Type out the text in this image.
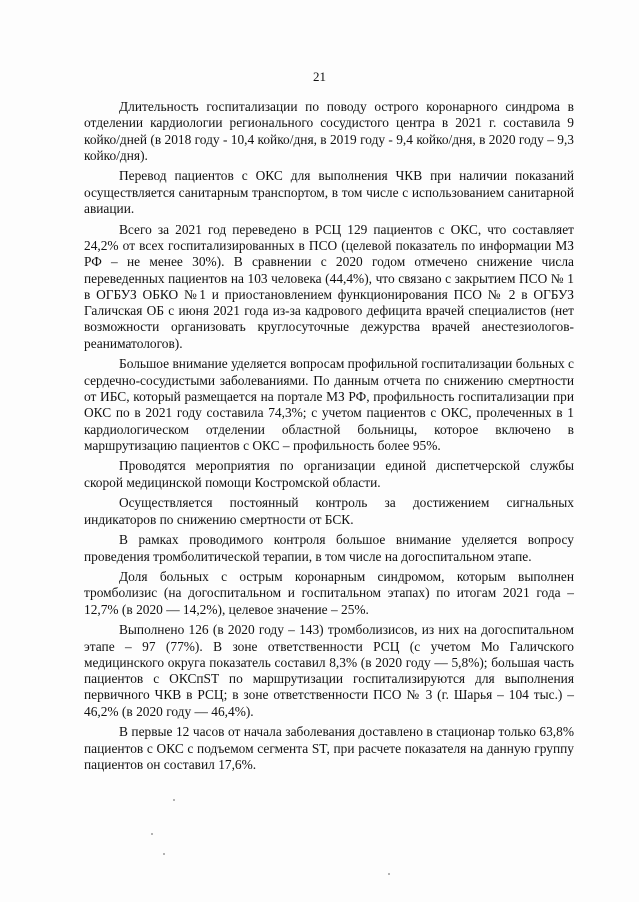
21

Длительность госпитализации по поводу острого коронарного синдрома в отделении кардиологии регионального сосудистого центра в 2021 г. составила 9 койко/дней (в 2018 году - 10,4 койко/дня, в 2019 году - 9,4 койко/дня, в 2020 году – 9,3 койко/дня).

Перевод пациентов с ОКС для выполнения ЧКВ при наличии показаний осуществляется санитарным транспортом, в том числе с использованием санитарной авиации.

Всего за 2021 год переведено в РСЦ 129 пациентов с ОКС, что составляет 24,2% от всех госпитализированных в ПСО (целевой показатель по информации МЗ РФ – не менее 30%). В сравнении с 2020 годом отмечено снижение числа переведенных пациентов на 103 человека (44,4%), что связано с закрытием ПСО № 1 в ОГБУЗ ОБКО №1 и приостановлением функционирования ПСО № 2 в ОГБУЗ Галичская ОБ с июня 2021 года из-за кадрового дефицита врачей специалистов (нет возможности организовать круглосуточные дежурства врачей анестезиологов-реаниматологов).

Большое внимание уделяется вопросам профильной госпитализации больных с сердечно-сосудистыми заболеваниями. По данным отчета по снижению смертности от ИБС, который размещается на портале МЗ РФ, профильность госпитализации при ОКС по в 2021 году составила 74,3%; с учетом пациентов с ОКС, пролеченных в 1 кардиологическом отделении областной больницы, которое включено в маршрутизацию пациентов с ОКС – профильность более 95%.

Проводятся мероприятия по организации единой диспетчерской службы скорой медицинской помощи Костромской области.

Осуществляется постоянный контроль за достижением сигнальных индикаторов по снижению смертности от БСК.

В рамках проводимого контроля большое внимание уделяется вопросу проведения тромболитической терапии, в том числе на догоспитальном этапе.

Доля больных с острым коронарным синдромом, которым выполнен тромболизис (на догоспитальном и госпитальном этапах) по итогам 2021 года – 12,7% (в 2020 — 14,2%), целевое значение – 25%.

Выполнено 126 (в 2020 году – 143) тромболизисов, из них на догоспитальном этапе – 97 (77%). В зоне ответственности РСЦ (с учетом Мо Галичского медицинского округа показатель составил 8,3% (в 2020 году — 5,8%); большая часть пациентов с ОКСпST по маршрутизации госпитализируются для выполнения первичного ЧКВ в РСЦ; в зоне ответственности ПСО № 3 (г. Шарья – 104 тыс.) – 46,2% (в 2020 году — 46,4%).

В первые 12 часов от начала заболевания доставлено в стационар только 63,8% пациентов с ОКС с подъемом сегмента ST, при расчете показателя на данную группу пациентов он составил 17,6%.
